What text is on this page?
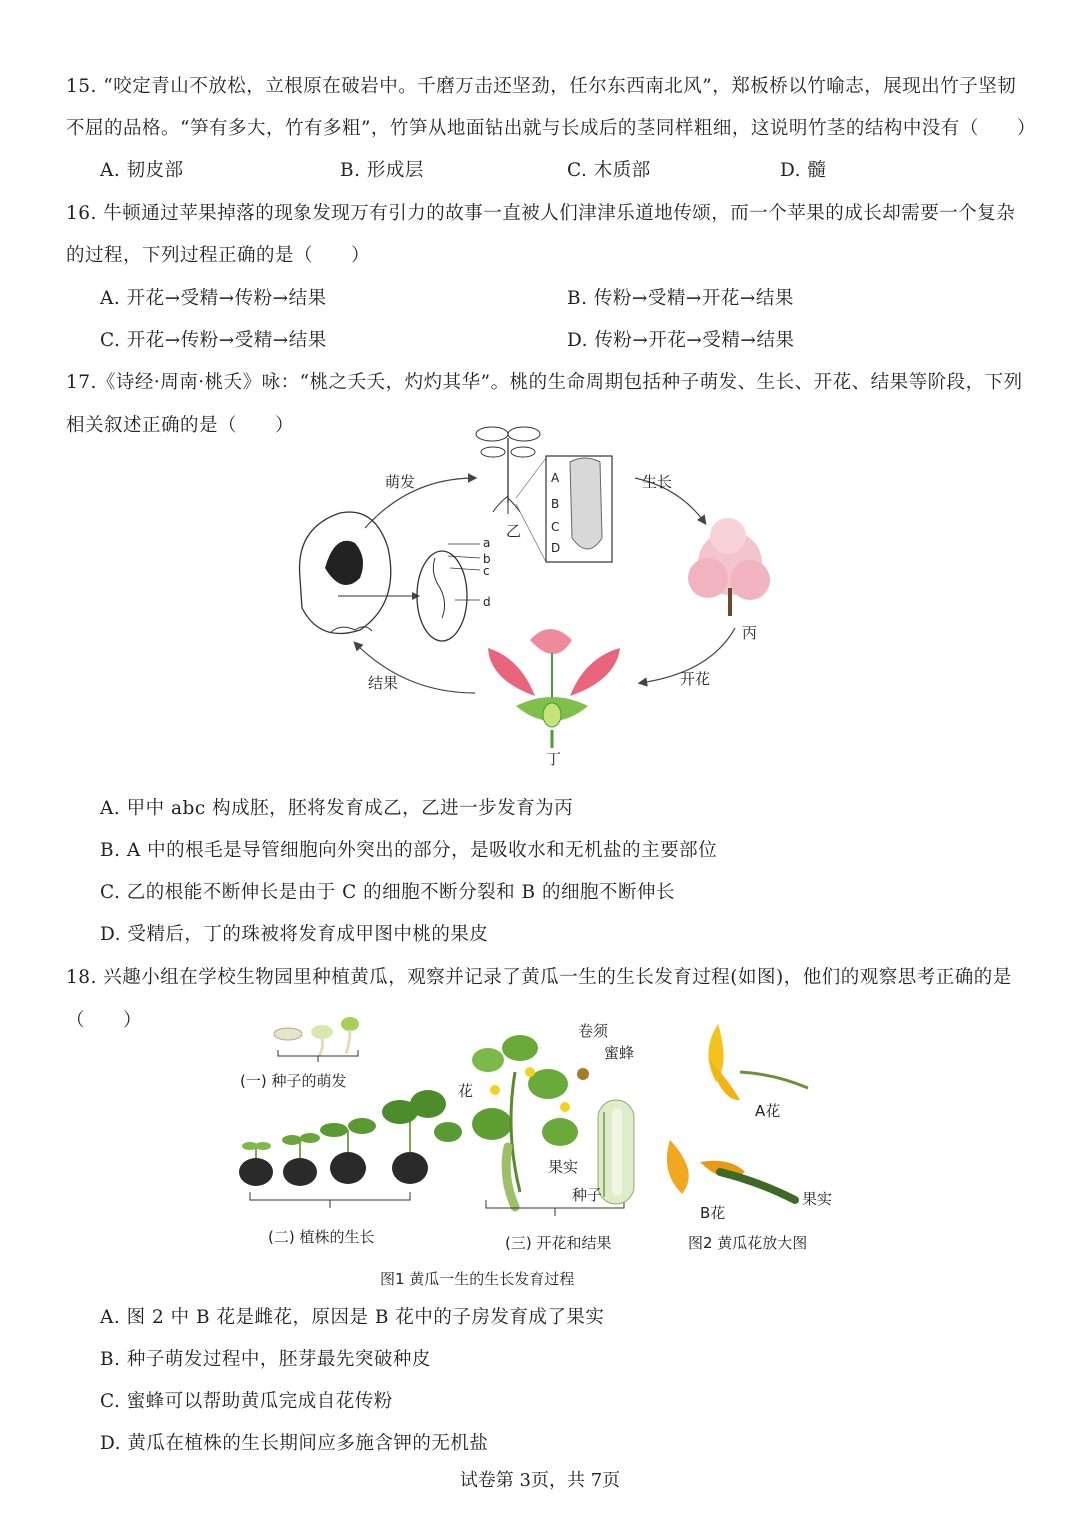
15. “咬定青山不放松，立根原在破岩中。千磨万击还坚劲，任尔东西南北风”，郑板桥以竹喻志，展现出竹子坚韧
不屈的品格。“笋有多大，竹有多粗”，竹笋从地面钻出就与长成后的茎同样粗细，这说明竹茎的结构中没有（　　）
A. 韧皮部	B. 形成层	C. 木质部	D. 髓
16. 牛顿通过苹果掉落的现象发现万有引力的故事一直被人们津津乐道地传颂，而一个苹果的成长却需要一个复杂
的过程，下列过程正确的是（　　）
A. 开花→受精→传粉→结果	B. 传粉→受精→开花→结果
C. 开花→传粉→受精→结果	D. 传粉→开花→受精→结果
17.《诗经·周南·桃夭》咏：“桃之夭夭，灼灼其华”。桃的生命周期包括种子萌发、生长、开花、结果等阶段，下列
相关叙述正确的是（　　）
萌发	生长
开花
结果
乙
丙
丁
A
B
C
D
a
b
c
d
A. 甲中 abc 构成胚，胚将发育成乙，乙进一步发育为丙
B. A 中的根毛是导管细胞向外突出的部分，是吸收水和无机盐的主要部位
C. 乙的根能不断伸长是由于 C 的细胞不断分裂和 B 的细胞不断伸长
D. 受精后，丁的珠被将发育成甲图中桃的果皮
18. 兴趣小组在学校生物园里种植黄瓜，观察并记录了黄瓜一生的生长发育过程(如图)，他们的观察思考正确的是
（　　）
(一) 种子的萌发
(二) 植株的生长	(三) 开花和结果
卷须
蜜蜂
花
果实
种子
A花
B花
果实
图2 黄瓜花放大图
图1 黄瓜一生的生长发育过程
A. 图 2 中 B 花是雌花，原因是 B 花中的子房发育成了果实
B. 种子萌发过程中，胚芽最先突破种皮
C. 蜜蜂可以帮助黄瓜完成自花传粉
D. 黄瓜在植株的生长期间应多施含钾的无机盐
试卷第 3页，共 7页
